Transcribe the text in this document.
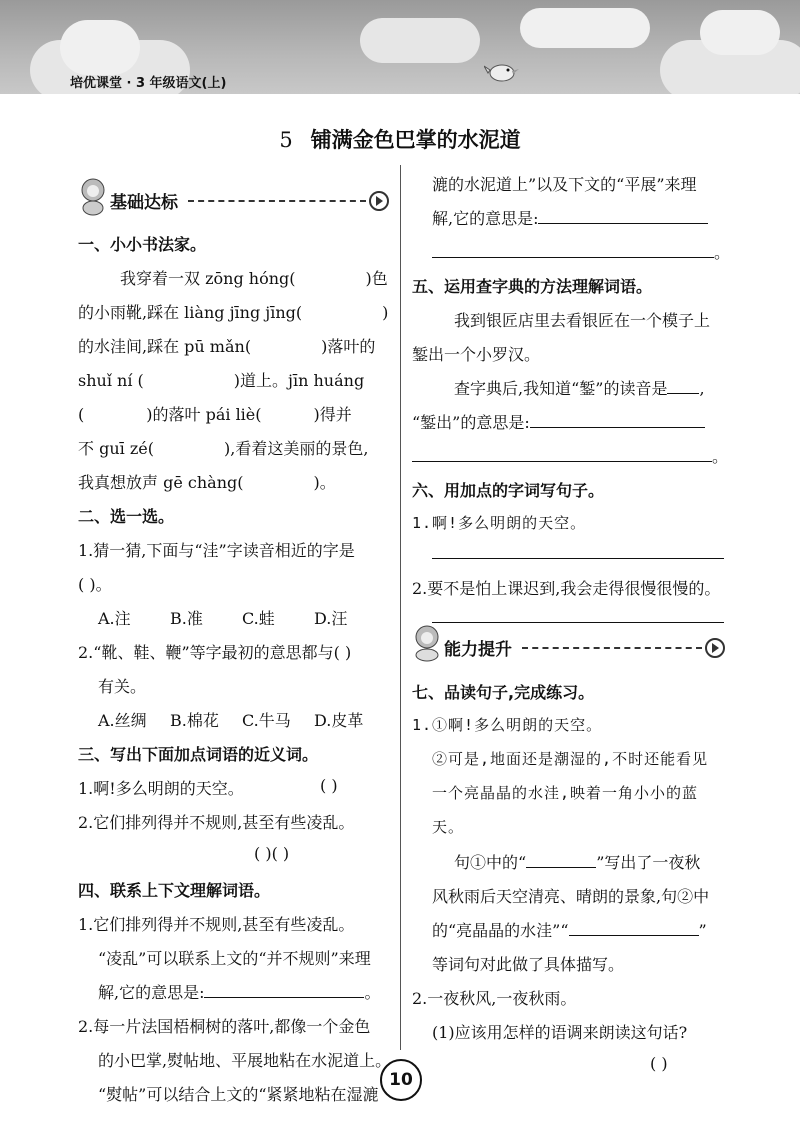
培优课堂 · 3 年级语文(上)
5 铺满金色巴掌的水泥道
基础达标
一、小小书法家。
我穿着一双 zōng hóng(	)色
的小雨靴,踩在 liàng jīng jīng(	)
的水洼间,踩在 pū mǎn(	)落叶的
shuǐ ní (	)道上。jīn huáng
(	)的落叶 pái liè(	)得并
不 guī zé(	),看着这美丽的景色,
我真想放声 gē chàng(	)。
二、选一选。
1.猜一猜,下面与“洼”字读音相近的字是
( )。
A.注 B.准 C.蛙 D.汪
2.“靴、鞋、鞭”等字最初的意思都与( )
有关。
A.丝绸 B.棉花 C.牛马 D.皮革
三、写出下面加点词语的近义词。
1.啊!多么明朗的天空。	( )
2.它们排列得并不规则,甚至有些凌乱。
( )( )
四、联系上下文理解词语。
1.它们排列得并不规则,甚至有些凌乱。
“凌乱”可以联系上文的“并不规则”来理
解,它的意思是:	。
2.每一片法国梧桐树的落叶,都像一个金色
的小巴掌,熨帖地、平展地粘在水泥道上。
“熨帖”可以结合上文的“紧紧地粘在湿漉
漉的水泥道上”以及下文的“平展”来理
解,它的意思是:
。
五、运用查字典的方法理解词语。
我到银匠店里去看银匠在一个模子上
錾出一个小罗汉。
查字典后,我知道“錾”的读音是 ,
“錾出”的意思是:
。
六、用加点的字词写句子。
1.啊!多么明朗的天空。
2.要不是怕上课迟到,我会走得很慢很慢的。
能力提升
七、品读句子,完成练习。
1.①啊!多么明朗的天空。
②可是,地面还是潮湿的,不时还能看见
一个亮晶晶的水洼,映着一角小小的蓝
天。
句①中的“	”写出了一夜秋
风秋雨后天空清亮、晴朗的景象,句②中
的“亮晶晶的水洼”“	”
等词句对此做了具体描写。
2.一夜秋风,一夜秋雨。
(1)应该用怎样的语调来朗读这句话?
( )
10
